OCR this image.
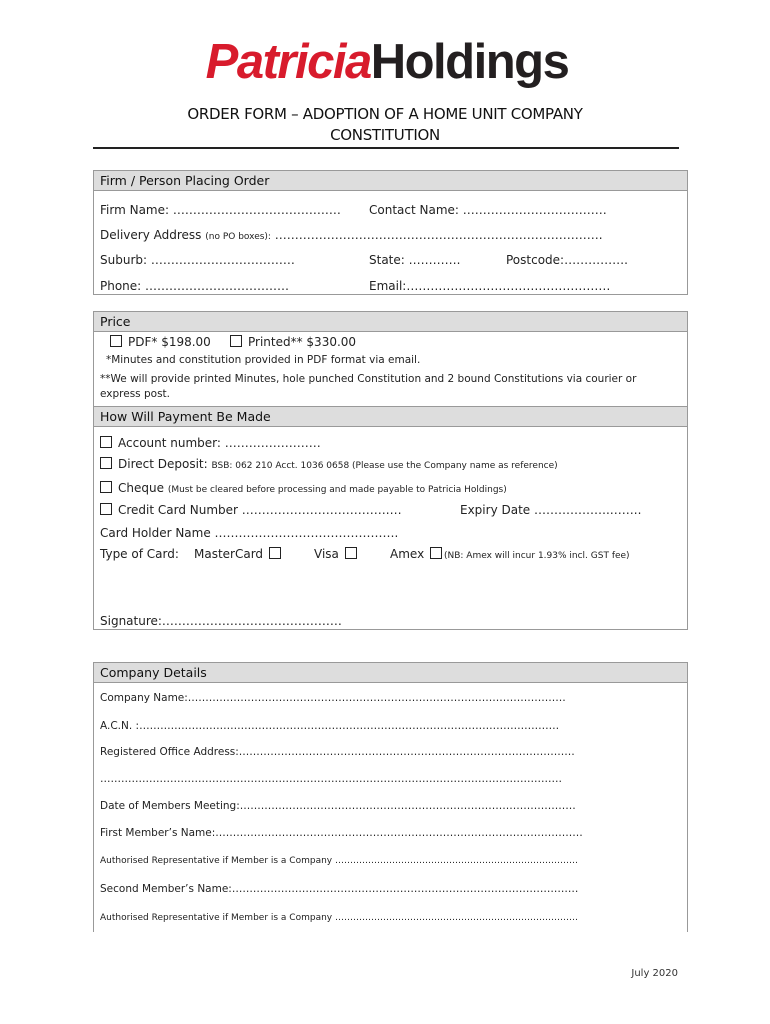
PatriciaHoldings
ORDER FORM – ADOPTION OF A HOME UNIT COMPANY
CONSTITUTION
Firm / Person Placing Order
Firm Name: …………………………………… Contact Name: ………………………………
Delivery Address (no PO boxes): ……………………………………………………………………….
Suburb: ………………………………	State: ………….	Postcode:…………….
Phone: ………………………………	Email:……………………………………………
Price
PDF* $198.00	Printed** $330.00
*Minutes and constitution provided in PDF format via email.
**We will provide printed Minutes, hole punched Constitution and 2 bound Constitutions via courier or
express post.
How Will Payment Be Made
Account number: ……………………
Direct Deposit: BSB: 062 210 Acct. 1036 0658 (Please use the Company name as reference)
Cheque (Must be cleared before processing and made payable to Patricia Holdings)
Credit Card Number ……………………………….…	Expiry Date ……………….……..
Card Holder Name ……………………………………….
Type of Card: MasterCard	Visa	Amex (NB: Amex will incur 1.93% incl. GST fee)
Signature:………………………………………
Company Details
Company Name:………………………………………………………………………………………………
A.C.N. :…………………………………………………………………………………………………………
Registered Office Address:……………………………………………………………………………………
……………………………………………………………………………………………………………………
Date of Members Meeting:……………………………………………………………………………………
First Member’s Name:……………………………………………………………………………………………
Authorised Representative if Member is a Company ………………………………………………………………………
Second Member’s Name:………………………………………………………………………………………
Authorised Representative if Member is a Company ………………………………………………………………………
July 2020
